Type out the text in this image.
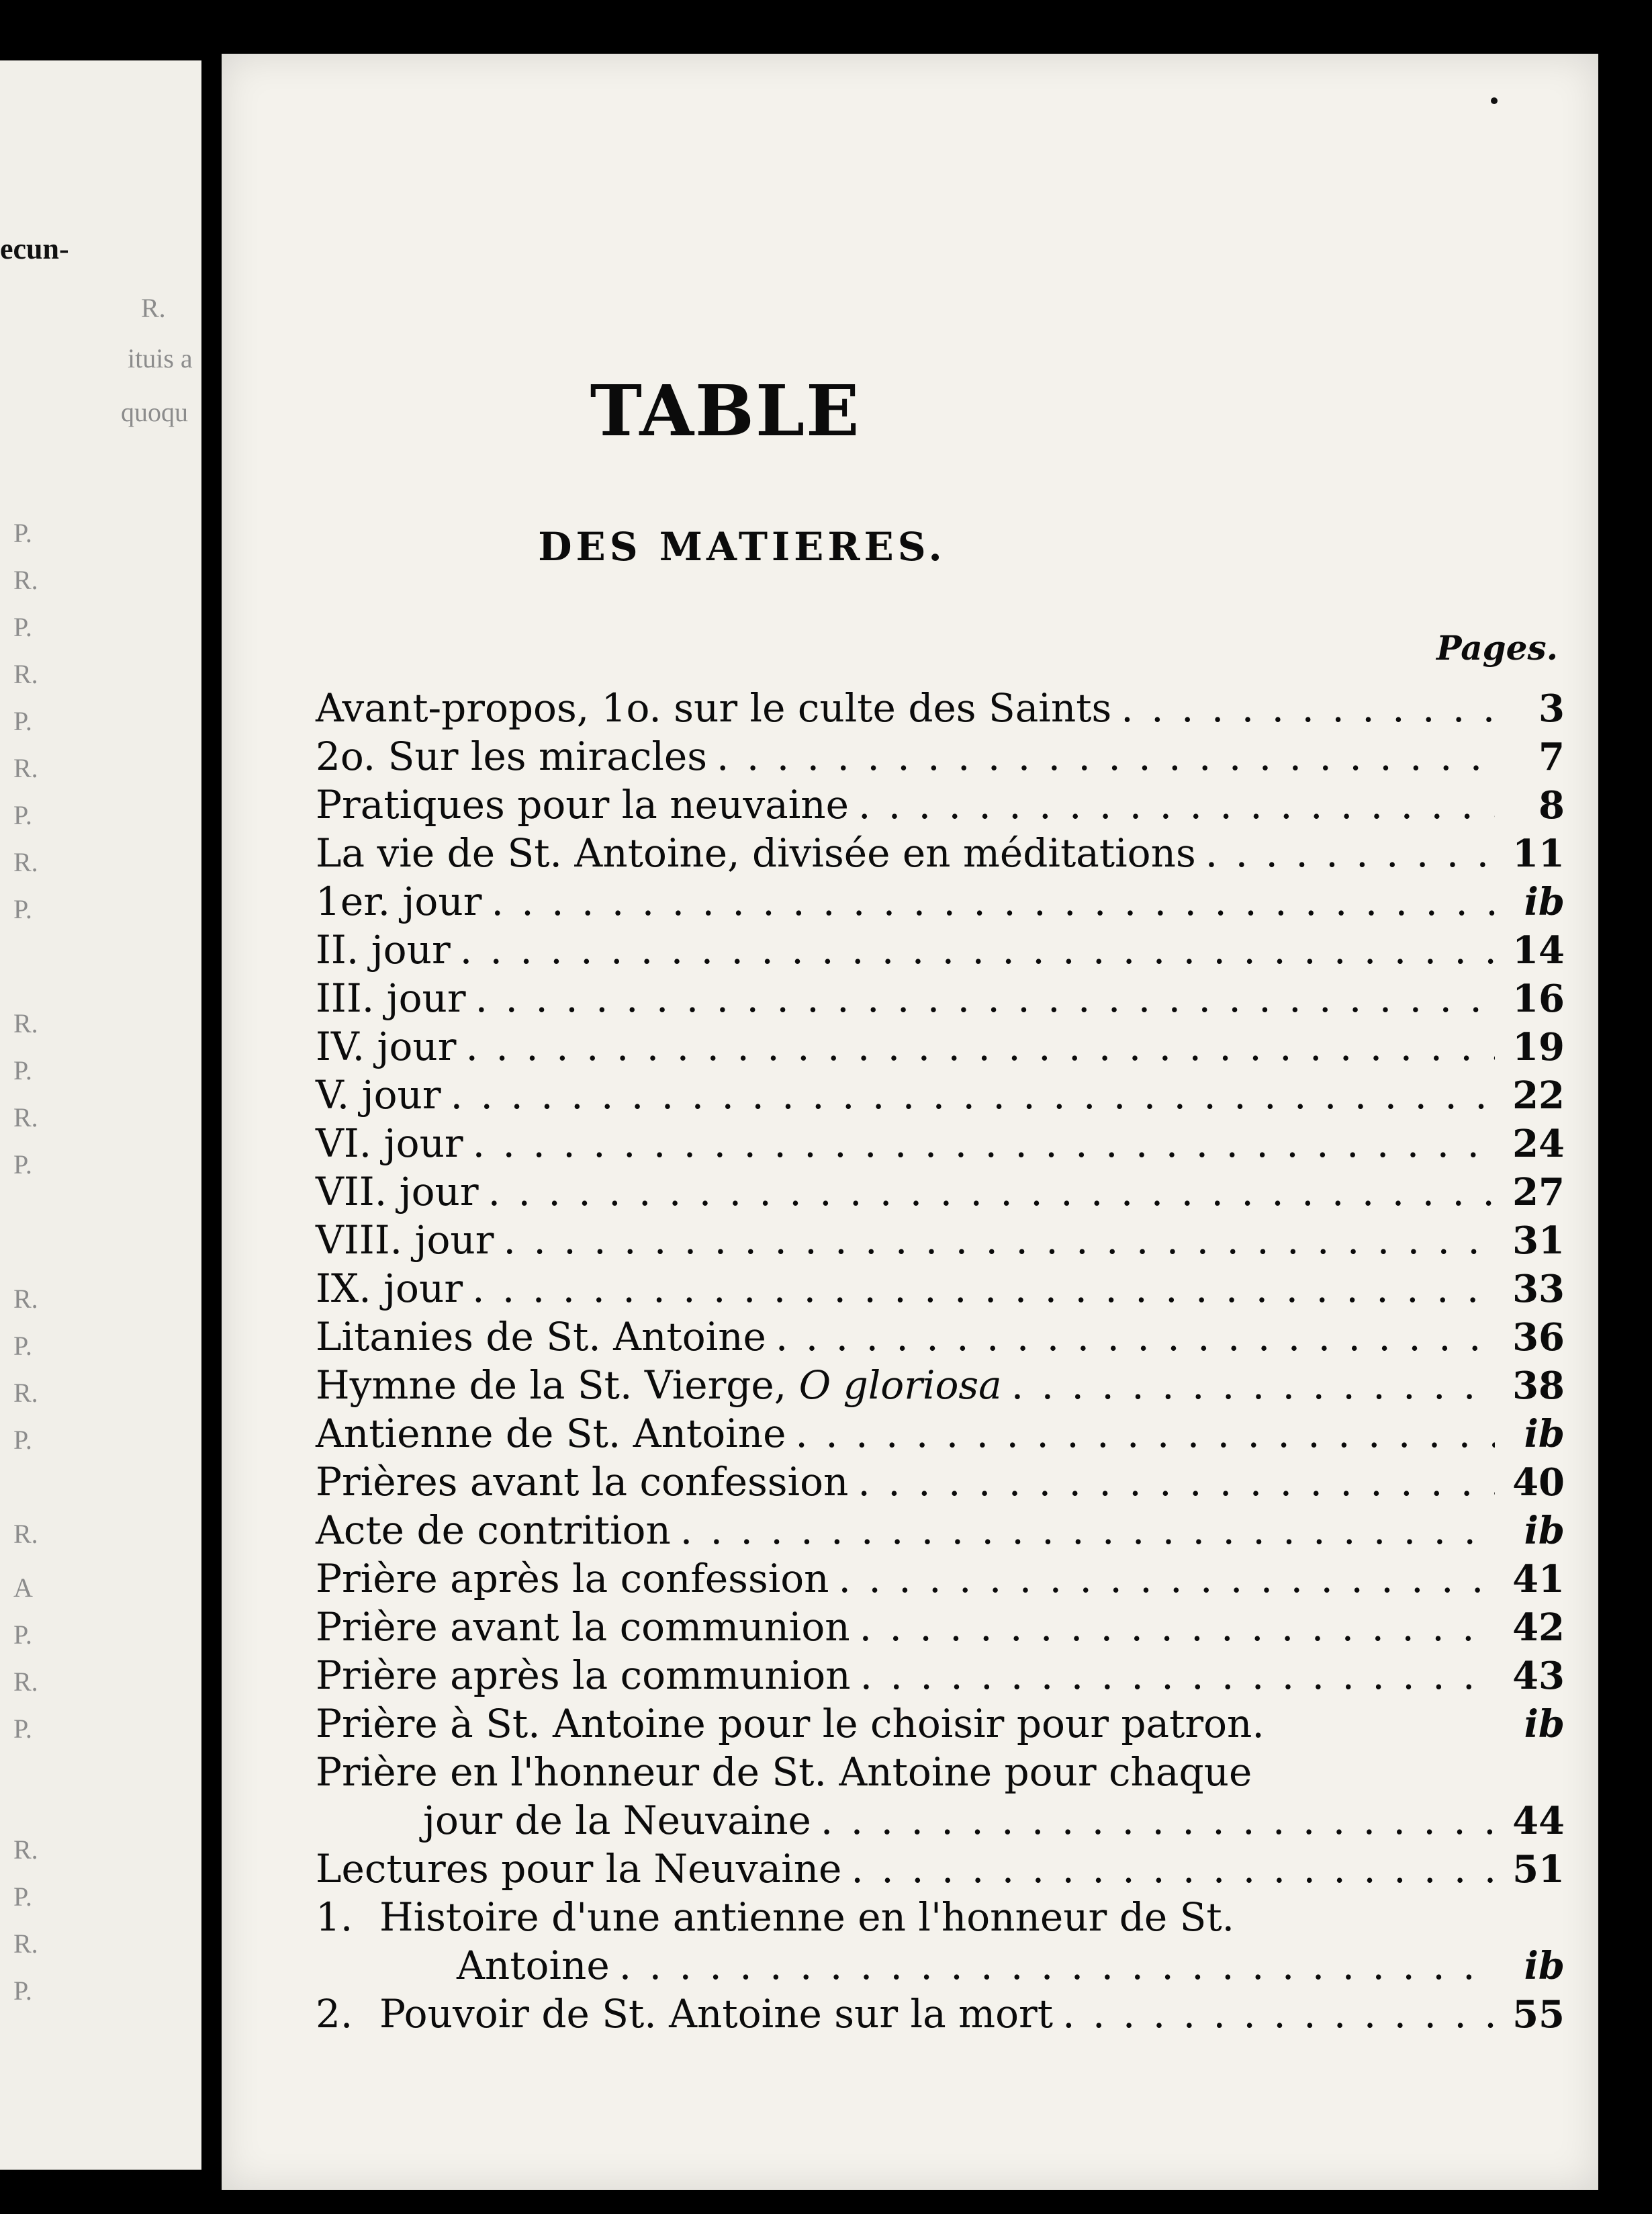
ecun-
R.
ituis a
quoqu
P.
R.
P.
R.
P.
R.
P.
R.
P.
R.
P.
R.
P.
R.
P.
R.
P.
R.
A
P.
R.
P.
R.
P.
R.
P.
TABLE
DES MATIERES.
Pages.
Avant-propos, 1o. sur le culte des Saints . . .	3
2o. Sur les miracles . . .	7
Pratiques pour la neuvaine . . .	8
La vie de St. Antoine, divisée en méditations . . .	11
1er. jour . . .	ib
II. jour . . .	14
III. jour . . .	16
IV. jour . . .	19
V. jour . . .	22
VI. jour . . .	24
VII. jour . . .	27
VIII. jour . . .	31
IX. jour . . .	33
Litanies de St. Antoine . . .	36
Hymne de la St. Vierge, O gloriosa . . .	38
Antienne de St. Antoine . . .	ib
Prières avant la confession . . .	40
Acte de contrition . . .	ib
Prière après la confession . . .	41
Prière avant la communion . . .	42
Prière après la communion . . .	43
Prière à St. Antoine pour le choisir pour patron.	ib
Prière en l'honneur de St. Antoine pour chaque
jour de la Neuvaine . . .	44
Lectures pour la Neuvaine . . .	51
1. Histoire d'une antienne en l'honneur de St.
Antoine . . .	ib
2. Pouvoir de St. Antoine sur la mort . . .	55
